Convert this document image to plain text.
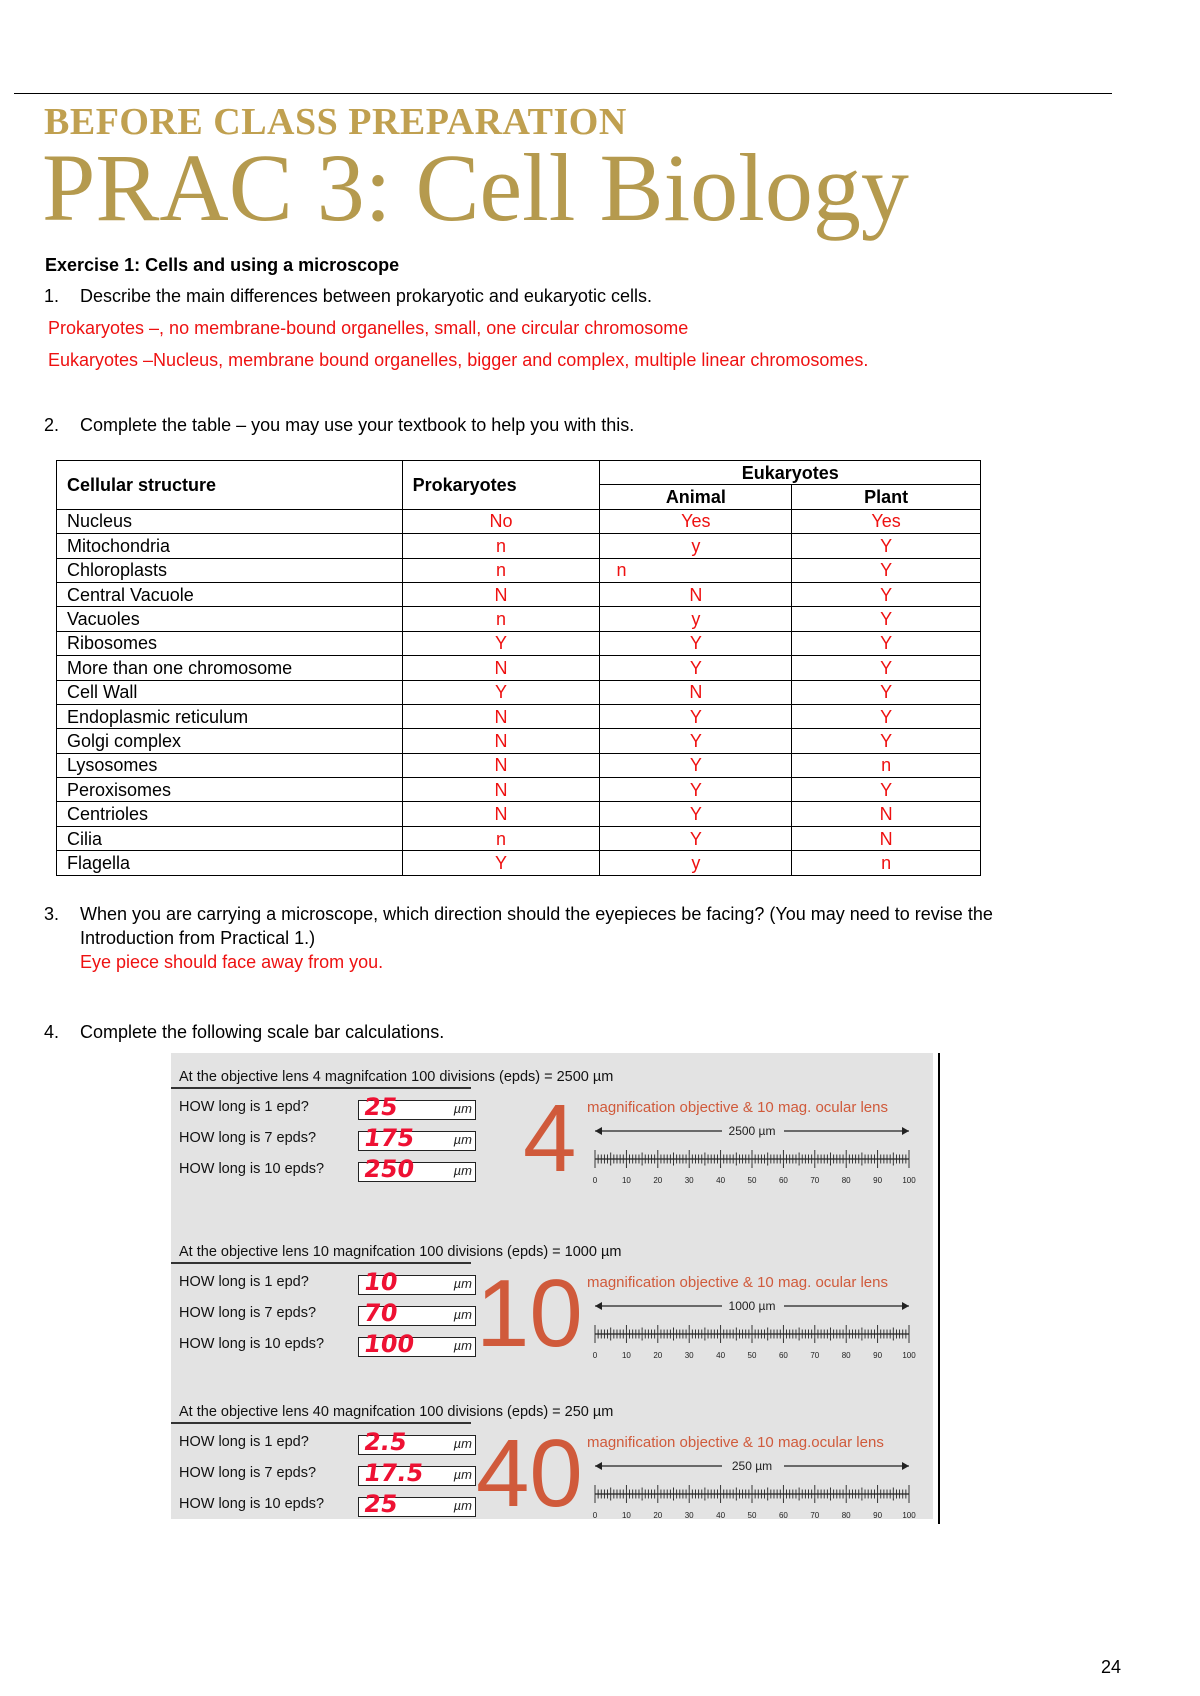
BEFORE CLASS PREPARATION
PRAC 3: Cell Biology
Exercise 1: Cells and using a microscope
1. Describe the main differences between prokaryotic and eukaryotic cells.
Prokaryotes –, no membrane-bound organelles, small, one circular chromosome
Eukaryotes –Nucleus, membrane bound organelles, bigger and complex, multiple linear chromosomes.
2. Complete the table – you may use your textbook to help you with this.
Cellular structure	Prokaryotes	Eukaryotes	
		Animal	Plant
Nucleus	No	Yes	Yes
Mitochondria	n	y	Y
Chloroplasts	n	n	Y
Central Vacuole	N	N	Y
Vacuoles	n	y	Y
Ribosomes	Y	Y	Y
More than one chromosome	N	Y	Y
Cell Wall	Y	N	Y
Endoplasmic reticulum	N	Y	Y
Golgi complex	N	Y	Y
Lysosomes	N	Y	n
Peroxisomes	N	Y	Y
Centrioles	N	Y	N
Cilia	n	Y	N
Flagella	Y	y	n
3. When you are carrying a microscope, which direction should the eyepieces be facing? (You may need to revise the
Introduction from Practical 1.)
Eye piece should face away from you.
4. Complete the following scale bar calculations.
At the objective lens 4 magnifcation 100 divisions (epds) = 2500 µm
HOW long is 1 epd?	µm
25
HOW long is 7 epds?	µm
175
HOW long is 10 epds?	µm
250 4 magnification objective & 10 mag. ocular lens
2500 µm
0	10	20	30	40	50	60	70	80	90	100
At the objective lens 10 magnifcation 100 divisions (epds) = 1000 µm
HOW long is 1 epd?	µm
10
HOW long is 7 epds?	µm
70
HOW long is 10 epds?	µm
100 10 magnification objective & 10 mag. ocular lens
1000 µm
0	10	20	30	40	50	60	70	80	90	100
At the objective lens 40 magnifcation 100 divisions (epds) = 250 µm
HOW long is 1 epd?	µm
2.5
HOW long is 7 epds?	µm
17.5
HOW long is 10 epds?	µm
25 40 magnification objective & 10 mag.ocular lens
250 µm
0	10	20	30	40	50	60	70	80	90	100
24
